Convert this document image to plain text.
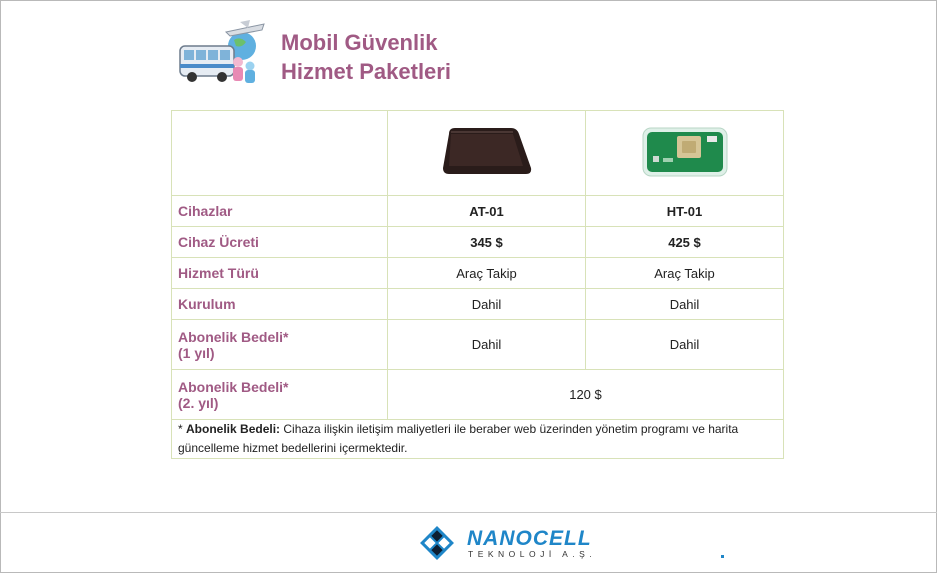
Mobil Güvenlik
Hizmet Paketleri

Cihazlar	AT-01	HT-01
Cihaz Ücreti	345 $	425 $
Hizmet Türü	Araç Takip	Araç Takip
Kurulum	Dahil	Dahil

Abonelik Bedeli*
(1 yıl)	Dahil	Dahil

Abonelik Bedeli*
(2. yıl)	120 $	
* Abonelik Bedeli: Cihaza ilişkin iletişim maliyetleri ile beraber web üzerinden yönetim programı ve harita güncelleme hizmet bedellerini içermektedir.		
NANOCELL
TEKNOLOJİ A.Ş.
